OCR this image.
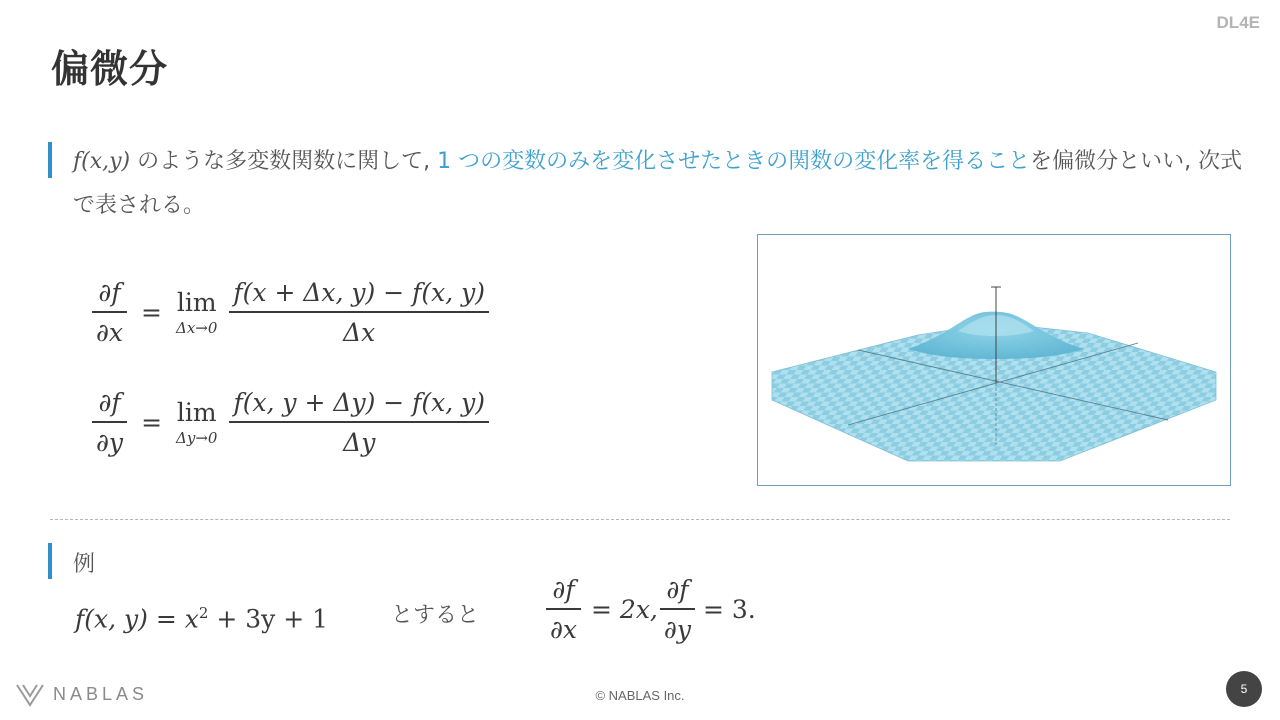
DL4E
偏微分
f(x,y) のような多変数関数に関して, 1 つの変数のみを変化させたときの関数の変化率を得ることを偏微分といい, 次式で表される。
$\frac{\partial f}{\partial x} = \lim$
$\Delta x\to 0 \frac{f(x + \Delta x, y) - f(x, y)}{\Delta x}$
$\frac{\partial f}{\partial y} = \lim$
$\Delta y\to 0 \frac{f(x, y + \Delta y) - f(x, y)}{\Delta y}$
例
f(x, $y) = x^2 + 3y + 1$	とすると	$\frac{\partial f}{\partial x} = 2x$, $\frac{\partial f}{\partial y} = 3$.
NABLAS	© NABLAS Inc.	5
